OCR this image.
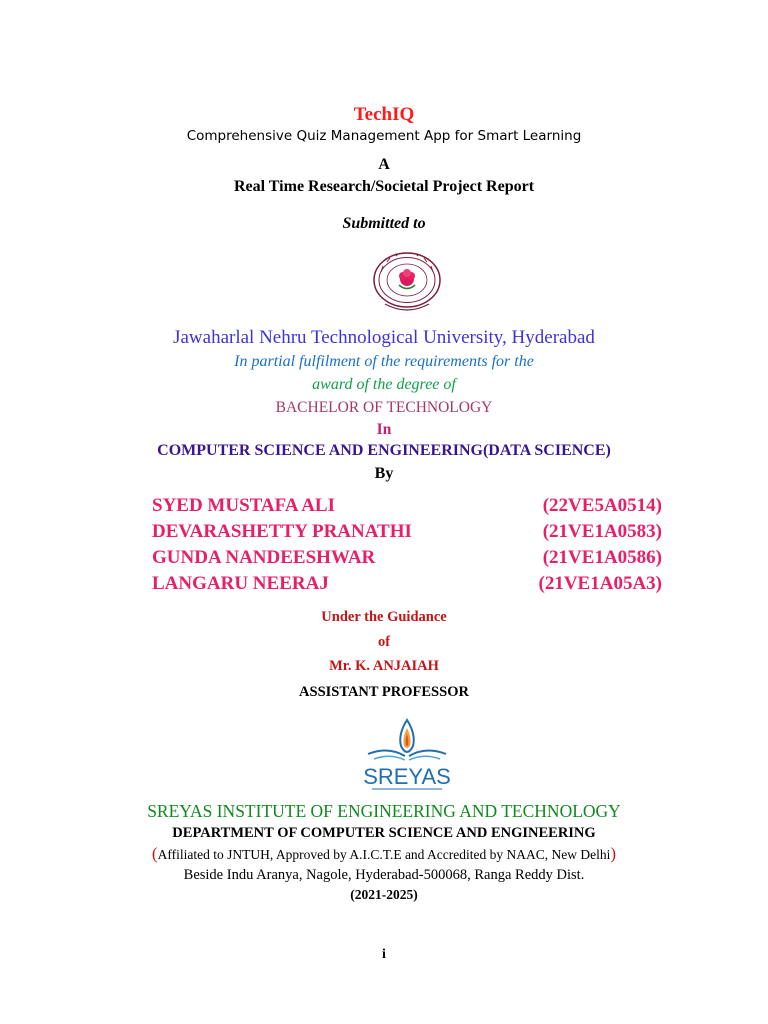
TechIQ
Comprehensive Quiz Management App for Smart Learning
A
Real Time Research/Societal Project Report
Submitted to
Jawaharlal Nehru Technological University, Hyderabad
In partial fulfilment of the requirements for the
award of the degree of
BACHELOR OF TECHNOLOGY
In
COMPUTER SCIENCE AND ENGINEERING(DATA SCIENCE)
By
SYED MUSTAFA ALI	(22VE5A0514)
DEVARASHETTY PRANATHI	(21VE1A0583)
GUNDA NANDEESHWAR	(21VE1A0586)
LANGARU NEERAJ	(21VE1A05A3)
Under the Guidance
of
Mr. K. ANJAIAH
ASSISTANT PROFESSOR
SREYAS
SREYAS INSTITUTE OF ENGINEERING AND TECHNOLOGY
DEPARTMENT OF COMPUTER SCIENCE AND ENGINEERING
(Affiliated to JNTUH, Approved by A.I.C.T.E and Accredited by NAAC, New Delhi)
Beside Indu Aranya, Nagole, Hyderabad-500068, Ranga Reddy Dist.
(2021-2025)
i
